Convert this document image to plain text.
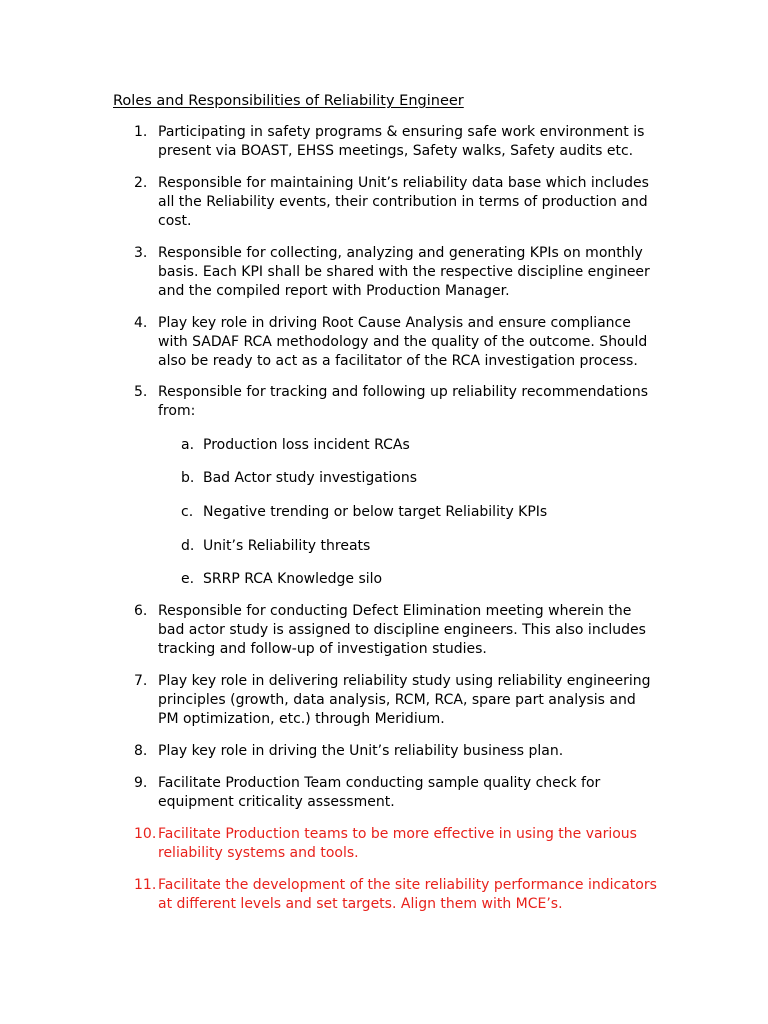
Roles and Responsibilities of Reliability Engineer
1. Participating in safety programs & ensuring safe work environment is present via BOAST, EHSS meetings, Safety walks, Safety audits etc.
2. Responsible for maintaining Unit’s reliability data base which includes all the Reliability events, their contribution in terms of production and cost.
3. Responsible for collecting, analyzing and generating KPIs on monthly basis. Each KPI shall be shared with the respective discipline engineer and the compiled report with Production Manager.
4. Play key role in driving Root Cause Analysis and ensure compliance with SADAF RCA methodology and the quality of the outcome. Should also be ready to act as a facilitator of the RCA investigation process.
5. Responsible for tracking and following up reliability recommendations from:
a. Production loss incident RCAs
b. Bad Actor study investigations
c. Negative trending or below target Reliability KPIs
d. Unit’s Reliability threats
e. SRRP RCA Knowledge silo
6. Responsible for conducting Defect Elimination meeting wherein the bad actor study is assigned to discipline engineers. This also includes tracking and follow-up of investigation studies.
7. Play key role in delivering reliability study using reliability engineering principles (growth, data analysis, RCM, RCA, spare part analysis and PM optimization, etc.) through Meridium.
8. Play key role in driving the Unit’s reliability business plan.
9. Facilitate Production Team conducting sample quality check for equipment criticality assessment.
10. Facilitate Production teams to be more effective in using the various reliability systems and tools.
11. Facilitate the development of the site reliability performance indicators at different levels and set targets. Align them with MCE’s.
